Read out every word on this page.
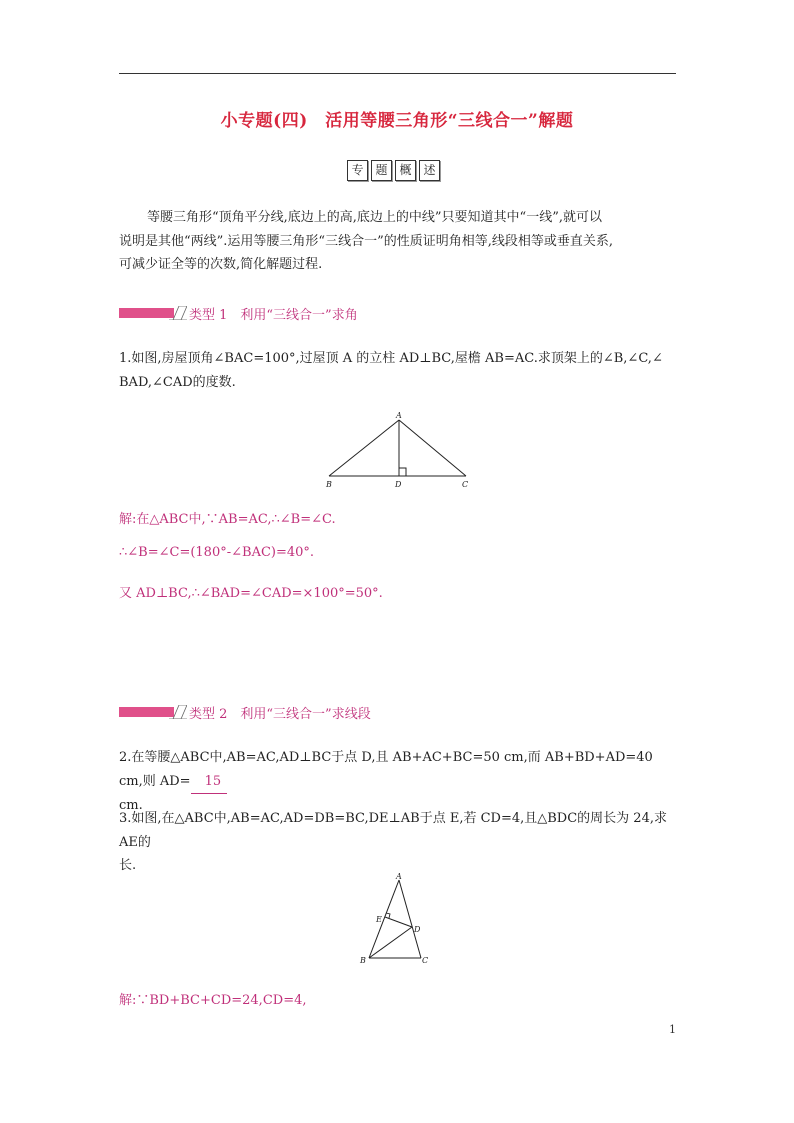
小专题(四)　活用等腰三角形“三线合一”解题
专 题 概 述
等腰三角形“顶角平分线,底边上的高,底边上的中线”只要知道其中“一线”,就可以
说明是其他“两线”.运用等腰三角形“三线合一”的性质证明角相等,线段相等或垂直关系,
可减少证全等的次数,简化解题过程.
类型 1　利用“三线合一”求角
1.如图,房屋顶角∠BAC=100°,过屋顶 A 的立柱 AD⊥BC,屋檐 AB=AC.求顶架上的∠B,∠C,∠
BAD,∠CAD的度数.
A
B	D	C
解:在△ABC中,∵AB=AC,∴∠B=∠C.
∴∠B=∠C=(180°-∠BAC)=40°.
又 AD⊥BC,∴∠BAD=∠CAD=×100°=50°.
类型 2　利用“三线合一”求线段
2.在等腰△ABC中,AB=AC,AD⊥BC于点 D,且 AB+AC+BC=50 cm,而 AB+BD+AD=40 cm,则 AD= 15
cm.
3.如图,在△ABC中,AB=AC,AD=DB=BC,DE⊥AB于点 E,若 CD=4,且△BDC的周长为 24,求 AE的
长.
A
E
D
B	C
解:∵BD+BC+CD=24,CD=4,
1
